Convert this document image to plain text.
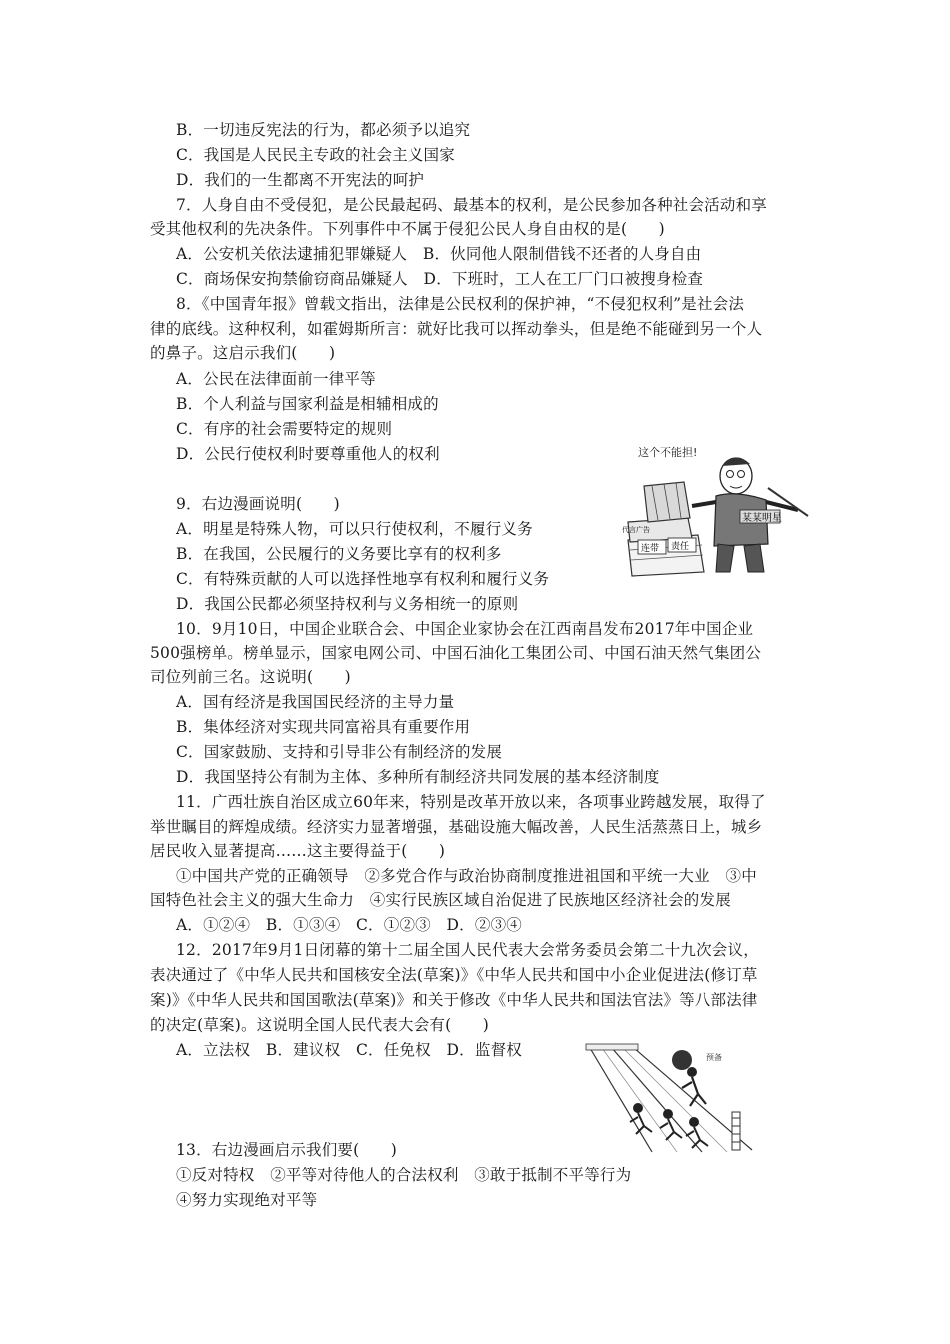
B．一切违反宪法的行为，都必须予以追究
C．我国是人民民主专政的社会主义国家
D．我们的一生都离不开宪法的呵护
7．人身自由不受侵犯，是公民最起码、最基本的权利，是公民参加各种社会活动和享
受其他权利的先决条件。下列事件中不属于侵犯公民人身自由权的是(　　)
A．公安机关依法逮捕犯罪嫌疑人　B．伙同他人限制借钱不还者的人身自由
C．商场保安拘禁偷窃商品嫌疑人　D．下班时，工人在工厂门口被搜身检查
8．《中国青年报》曾载文指出，法律是公民权利的保护神，“不侵犯权利”是社会法
律的底线。这种权利，如霍姆斯所言：就好比我可以挥动拳头，但是绝不能碰到另一个人
的鼻子。这启示我们(　　)
A．公民在法律面前一律平等
B．个人利益与国家利益是相辅相成的
C．有序的社会需要特定的规则
D．公民行使权利时要尊重他人的权利	这个不能担!
连带 责任
代言广告
某某明星
9．右边漫画说明(　　)
A．明星是特殊人物，可以只行使权利，不履行义务
B．在我国，公民履行的义务要比享有的权利多
C．有特殊贡献的人可以选择性地享有权利和履行义务
D．我国公民都必须坚持权利与义务相统一的原则
10．9月10日，中国企业联合会、中国企业家协会在江西南昌发布2017年中国企业
500强榜单。榜单显示，国家电网公司、中国石油化工集团公司、中国石油天然气集团公
司位列前三名。这说明(　　)
A．国有经济是我国国民经济的主导力量
B．集体经济对实现共同富裕具有重要作用
C．国家鼓励、支持和引导非公有制经济的发展
D．我国坚持公有制为主体、多种所有制经济共同发展的基本经济制度
11．广西壮族自治区成立60年来，特别是改革开放以来，各项事业跨越发展，取得了
举世瞩目的辉煌成绩。经济实力显著增强，基础设施大幅改善，人民生活蒸蒸日上，城乡
居民收入显著提高……这主要得益于(　　)
①中国共产党的正确领导　②多党合作与政治协商制度推进祖国和平统一大业　③中
国特色社会主义的强大生命力　④实行民族区域自治促进了民族地区经济社会的发展
A．①②④　B．①③④　C．①②③　D．②③④
12．2017年9月1日闭幕的第十二届全国人民代表大会常务委员会第二十九次会议，
表决通过了《中华人民共和国核安全法(草案)》《中华人民共和国中小企业促进法(修订草
案)》《中华人民共和国国歌法(草案)》和关于修改《中华人民共和国法官法》等八部法律
的决定(草案)。这说明全国人民代表大会有(　　)
A．立法权　B．建议权　C．任免权　D．监督权	预备
13．右边漫画启示我们要(　　)
①反对特权　②平等对待他人的合法权利　③敢于抵制不平等行为
④努力实现绝对平等
